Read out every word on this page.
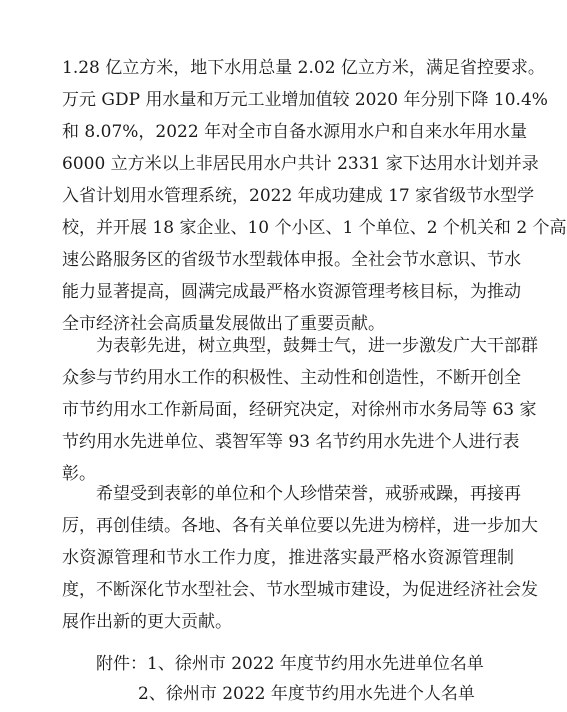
1.28 亿立方米，地下水用总量 2.02 亿立方米，满足省控要求。
万元 GDP 用水量和万元工业增加值较 2020 年分别下降 10.4%
和 8.07%，2022 年对全市自备水源用水户和自来水年用水量
6000 立方米以上非居民用水户共计 2331 家下达用水计划并录
入省计划用水管理系统，2022 年成功建成 17 家省级节水型学
校，并开展 18 家企业、10 个小区、1 个单位、2 个机关和 2 个高
速公路服务区的省级节水型载体申报。全社会节水意识、节水
能力显著提高，圆满完成最严格水资源管理考核目标，为推动
全市经济社会高质量发展做出了重要贡献。
为表彰先进，树立典型，鼓舞士气，进一步激发广大干部群
众参与节约用水工作的积极性、主动性和创造性，不断开创全
市节约用水工作新局面，经研究决定，对徐州市水务局等 63 家
节约用水先进单位、裘智军等 93 名节约用水先进个人进行表
彰。
希望受到表彰的单位和个人珍惜荣誉，戒骄戒躁，再接再
厉，再创佳绩。各地、各有关单位要以先进为榜样，进一步加大
水资源管理和节水工作力度，推进落实最严格水资源管理制
度，不断深化节水型社会、节水型城市建设，为促进经济社会发
展作出新的更大贡献。
附件：1、徐州市 2022 年度节约用水先进单位名单
2、徐州市 2022 年度节约用水先进个人名单
